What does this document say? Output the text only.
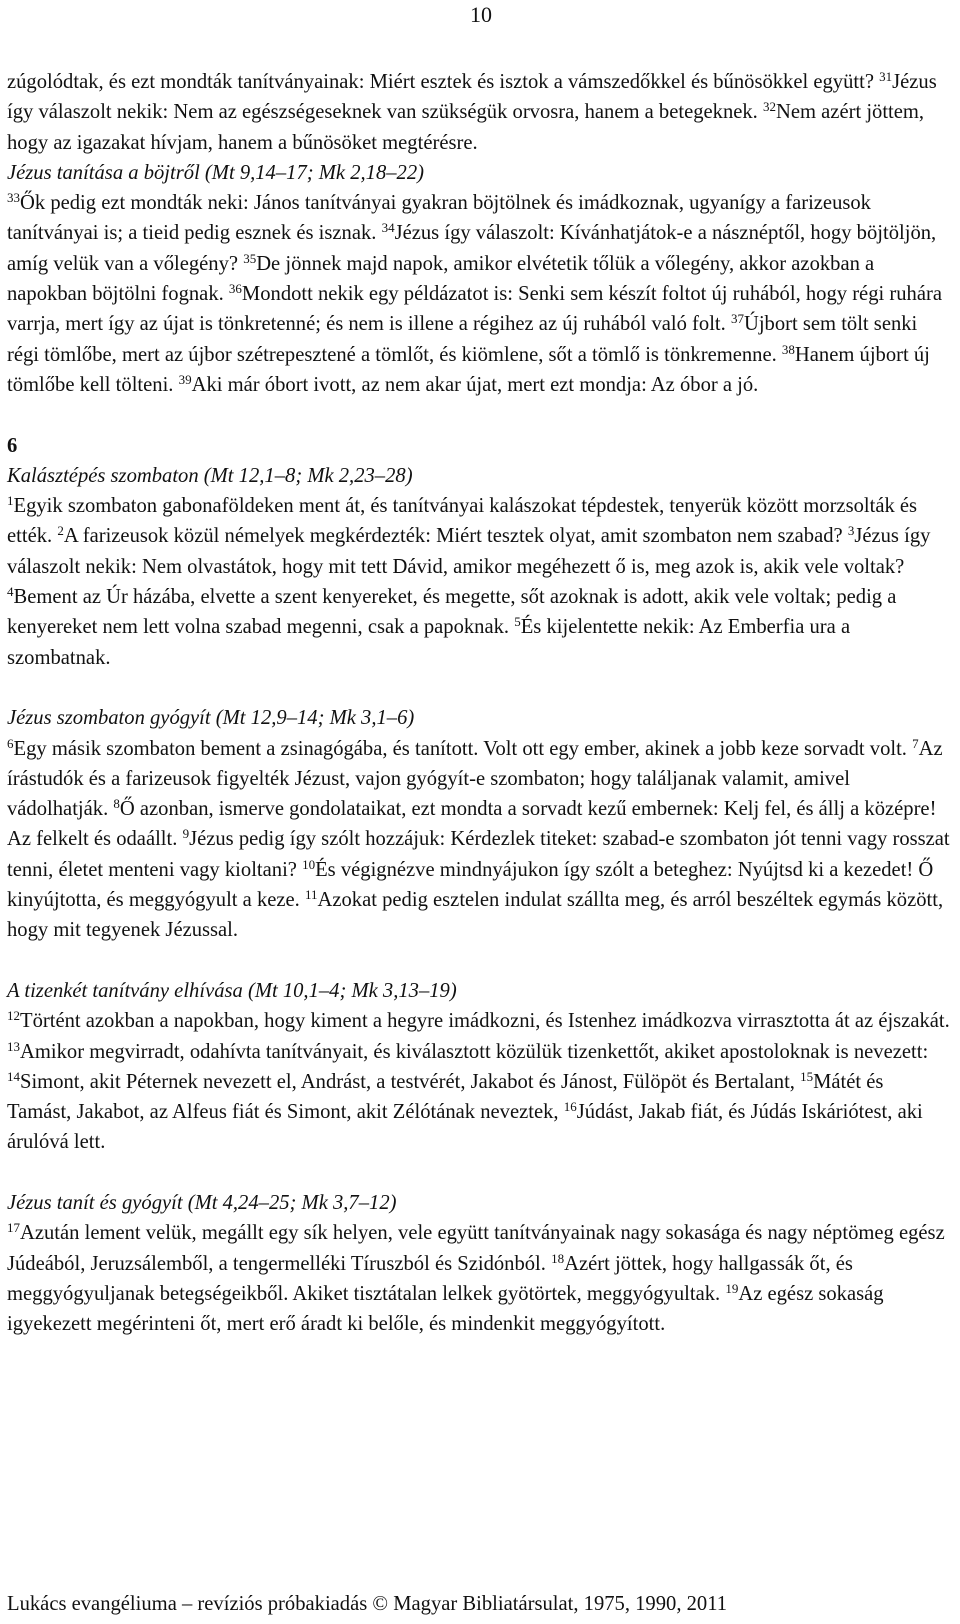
10

zúgolódtak, és ezt mondták tanítványainak: Miért esztek és isztok a vámszedőkkel és bűnösökkel együtt? $^{31}$Jézus így válaszolt nekik: Nem az egészségeseknek van szükségük orvosra, hanem a betegeknek. $^{32}$Nem azért jöttem, hogy az igazakat hívjam, hanem a bűnösöket megtérésre.

Jézus tanítása a böjtről (Mt 9,14–17; Mk 2,18–22)

$^{33}$Ők pedig ezt mondták neki: János tanítványai gyakran böjtölnek és imádkoznak, ugyanígy a farizeusok tanítványai is; a tieid pedig esznek és isznak. $^{34}$Jézus így válaszolt: Kívánhatjátok-e a násznéptől, hogy böjtöljön, amíg velük van a vőlegény? $^{35}$De jönnek majd napok, amikor elvétetik tőlük a vőlegény, akkor azokban a napokban böjtölni fognak. $^{36}$Mondott nekik egy példázatot is: Senki sem készít foltot új ruhából, hogy régi ruhára varrja, mert így az újat is tönkretenné; és nem is illene a régihez az új ruhából való folt. $^{37}$Újbort sem tölt senki régi tömlőbe, mert az újbor szétrepesztené a tömlőt, és kiömlene, sőt a tömlő is tönkremenne. $^{38}$Hanem újbort új tömlőbe kell tölteni. $^{39}$Aki már óbort ivott, az nem akar újat, mert ezt mondja: Az óbor a jó.

6

Kalásztépés szombaton (Mt 12,1–8; Mk 2,23–28)

$^1$Egyik szombaton gabonaföldeken ment át, és tanítványai kalászokat tépdestek, tenyerük között morzsolták és ették. $^2$A farizeusok közül némelyek megkérdezték: Miért tesztek olyat, amit szombaton nem szabad? $^3$Jézus így válaszolt nekik: Nem olvastátok, hogy mit tett Dávid, amikor megéhezett ő is, meg azok is, akik vele voltak? $^4$Bement az Úr házába, elvette a szent kenyereket, és megette, sőt azoknak is adott, akik vele voltak; pedig a kenyereket nem lett volna szabad megenni, csak a papoknak. $^5$És kijelentette nekik: Az Emberfia ura a szombatnak.

Jézus szombaton gyógyít (Mt 12,9–14; Mk 3,1–6)

$^6$Egy másik szombaton bement a zsinagógába, és tanított. Volt ott egy ember, akinek a jobb keze sorvadt volt. $^7$Az írástudók és a farizeusok figyelték Jézust, vajon gyógyít-e szombaton; hogy találjanak valamit, amivel vádolhatják. $^8$Ő azonban, ismerve gondolataikat, ezt mondta a sorvadt kezű embernek: Kelj fel, és állj a középre! Az felkelt és odaállt. $^9$Jézus pedig így szólt hozzájuk: Kérdezlek titeket: szabad-e szombaton jót tenni vagy rosszat tenni, életet menteni vagy kioltani? $^{10}$És végignézve mindnyájukon így szólt a beteghez: Nyújtsd ki a kezedet! Ő kinyújtotta, és meggyógyult a keze. $^{11}$Azokat pedig esztelen indulat szállta meg, és arról beszéltek egymás között, hogy mit tegyenek Jézussal.

A tizenkét tanítvány elhívása (Mt 10,1–4; Mk 3,13–19)

$^{12}$Történt azokban a napokban, hogy kiment a hegyre imádkozni, és Istenhez imádkozva virrasztotta át az éjszakát. $^{13}$Amikor megvirradt, odahívta tanítványait, és kiválasztott közülük tizenkettőt, akiket apostoloknak is nevezett: $^{14}$Simont, akit Péternek nevezett el, Andrást, a testvérét, Jakabot és Jánost, Fülöpöt és Bertalant, $^{15}$Mátét és Tamást, Jakabot, az Alfeus fiát és Simont, akit Zélótának neveztek, $^{16}$Júdást, Jakab fiát, és Júdás Iskáriótest, aki árulóvá lett.

Jézus tanít és gyógyít (Mt 4,24–25; Mk 3,7–12)

$^{17}$Azután lement velük, megállt egy sík helyen, vele együtt tanítványainak nagy sokasága és nagy néptömeg egész Júdeából, Jeruzsálemből, a tengermelléki Tíruszból és Szidónból. $^{18}$Azért jöttek, hogy hallgassák őt, és meggyógyuljanak betegségeikből. Akiket tisztátalan lelkek gyötörtek, meggyógyultak. $^{19}$Az egész sokaság igyekezett megérinteni őt, mert erő áradt ki belőle, és mindenkit meggyógyított.

Lukács evangéliuma – revíziós próbakiadás © Magyar Bibliatársulat, 1975, 1990, 2011
